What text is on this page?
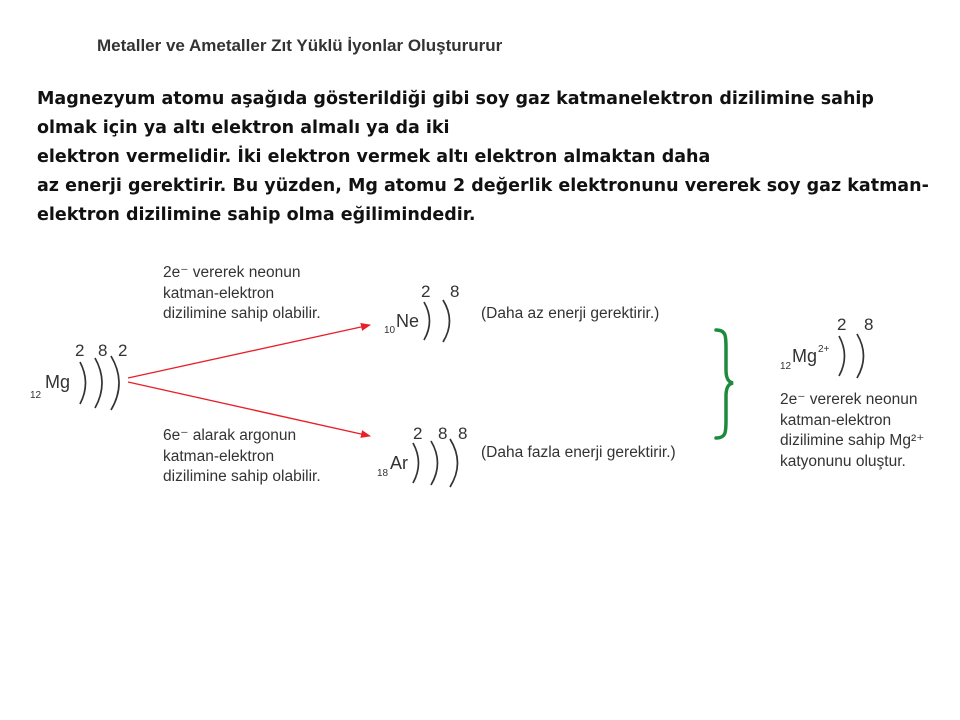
Metaller ve Ametaller Zıt Yüklü İyonlar Oluştururur
Magnezyum atomu aşağıda gösterildiği gibi soy gaz katmanelektron dizilimine sahip
olmak için ya altı elektron almalı ya da iki
elektron vermelidir. İki elektron vermek altı elektron almaktan daha
az enerji gerektirir. Bu yüzden, Mg atomu 2 değerlik elektronunu vererek soy gaz katman-
elektron dizilimine sahip olma eğilimindedir.
12
Mg
2 8 2
2e⁻ vererek neonun
katman-elektron
dizilimine sahip olabilir.
10 Ne
2 8
(Daha az enerji gerektirir.)
6e⁻ alarak argonun
katman-elektron
dizilimine sahip olabilir.	18
Ar
2 8 8
(Daha fazla enerji gerektirir.)
12
Mg 2+
2 8
2e⁻ vererek neonun
katman-elektron
dizilimine sahip Mg²⁺
katyonunu oluştur.
